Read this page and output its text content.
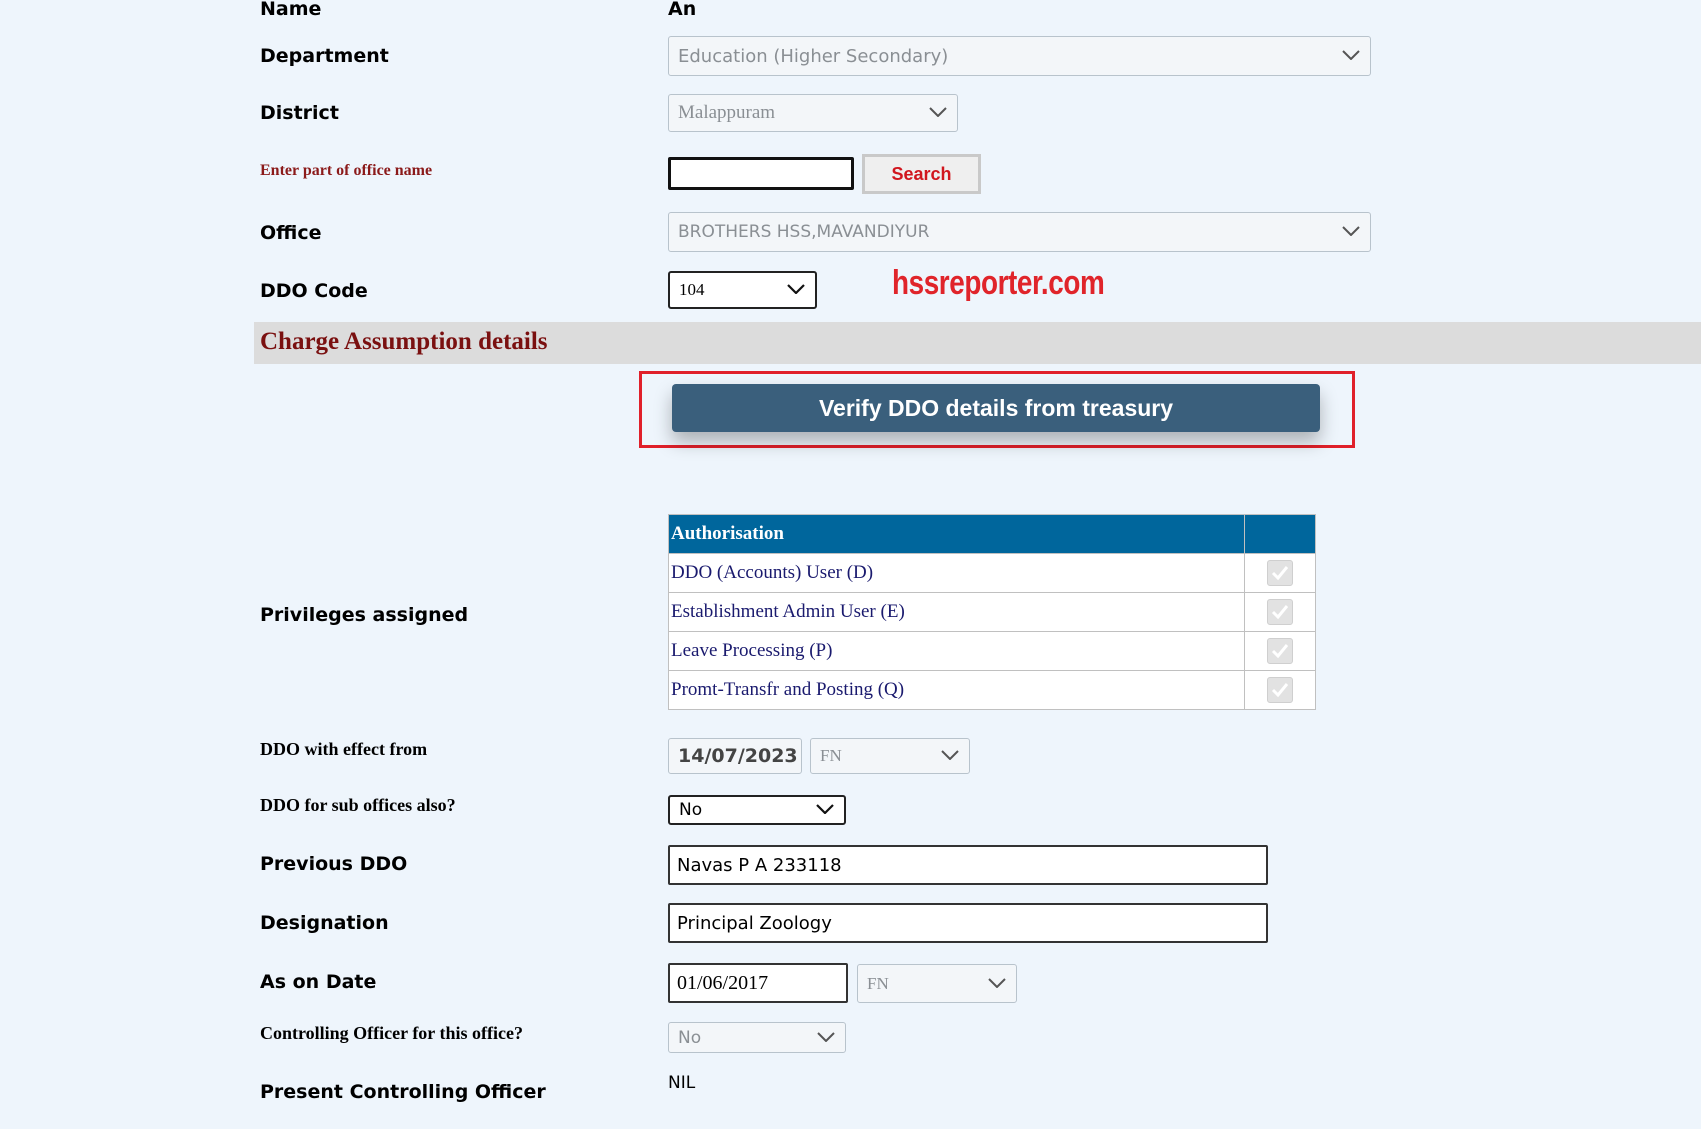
Name	An
Department	Education (Higher Secondary)
District	Malappuram
Enter part of office name	Search
Office	BROTHERS HSS,MAVANDIYUR
DDO Code	104	hssreporter.com
Charge Assumption details
Verify DDO details from treasury
Privileges assigned
Authorisation	
DDO (Accounts) User (D)	

Establishment Admin User (E)	

Leave Processing (P)	

Promt-Transfr and Posting (Q)	
DDO with effect from	14/07/2023 FN
DDO for sub offices also?	No
Previous DDO	Navas P A 233118
Designation	Principal Zoology
As on Date	01/06/2017	FN
Controlling Officer for this office?	No
Present Controlling Officer	NIL
